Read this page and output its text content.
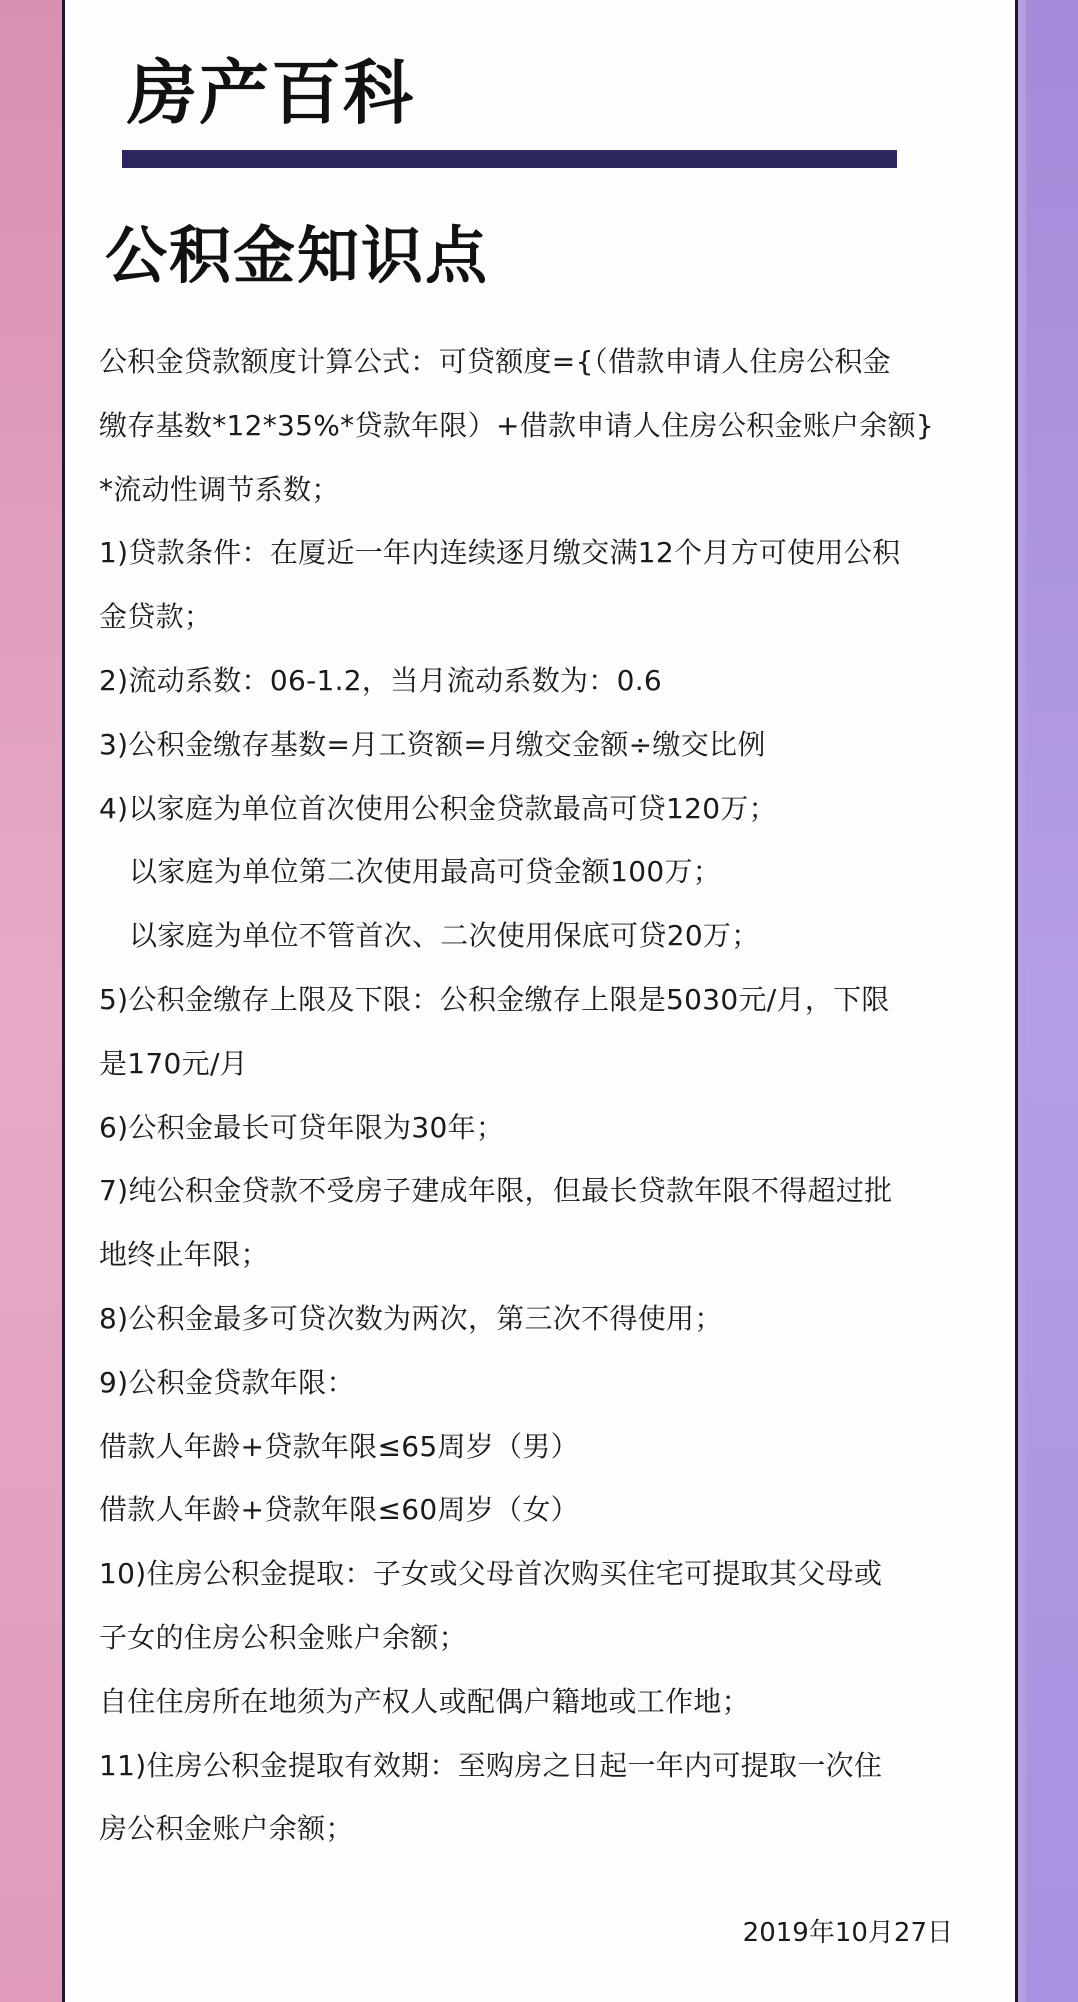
房产百科
公积金知识点
公积金贷款额度计算公式：可贷额度={（借款申请人住房公积金
缴存基数*12*35%*贷款年限）+借款申请人住房公积金账户余额}
*流动性调节系数；
1)贷款条件：在厦近一年内连续逐月缴交满12个月方可使用公积
金贷款；
2)流动系数：06-1.2，当月流动系数为：0.6
3)公积金缴存基数=月工资额=月缴交金额÷缴交比例
4)以家庭为单位首次使用公积金贷款最高可贷120万；
以家庭为单位第二次使用最高可贷金额100万；
以家庭为单位不管首次、二次使用保底可贷20万；
5)公积金缴存上限及下限：公积金缴存上限是5030元/月，下限
是170元/月
6)公积金最长可贷年限为30年；
7)纯公积金贷款不受房子建成年限，但最长贷款年限不得超过批
地终止年限；
8)公积金最多可贷次数为两次，第三次不得使用；
9)公积金贷款年限：
借款人年龄+贷款年限≤65周岁（男）
借款人年龄+贷款年限≤60周岁（女）
10)住房公积金提取：子女或父母首次购买住宅可提取其父母或
子女的住房公积金账户余额；
自住住房所在地须为产权人或配偶户籍地或工作地；
11)住房公积金提取有效期：至购房之日起一年内可提取一次住
房公积金账户余额；
2019年10月27日
